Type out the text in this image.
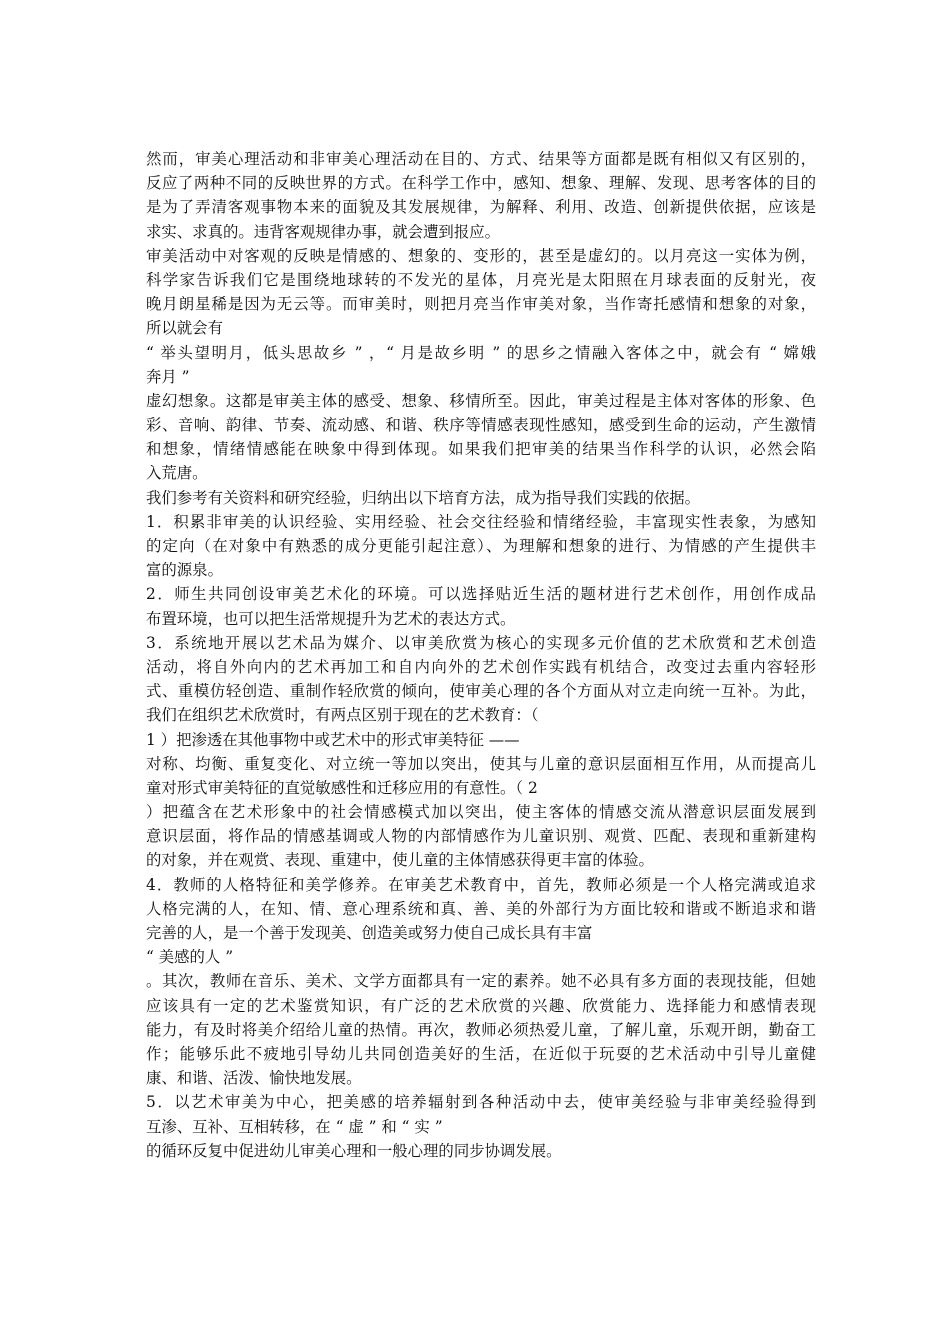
然而，审美心理活动和非审美心理活动在目的、方式、结果等方面都是既有相似又有区别的，
反应了两种不同的反映世界的方式。在科学工作中，感知、想象、理解、发现、思考客体的目的
是为了弄清客观事物本来的面貌及其发展规律，为解释、利用、改造、创新提供依据，应该是
求实、求真的。违背客观规律办事，就会遭到报应。
审美活动中对客观的反映是情感的、想象的、变形的，甚至是虚幻的。以月亮这一实体为例，
科学家告诉我们它是围绕地球转的不发光的星体，月亮光是太阳照在月球表面的反射光，夜
晚月朗星稀是因为无云等。而审美时，则把月亮当作审美对象，当作寄托感情和想象的对象，
所以就会有
“ 举头望明月，低头思故乡 ” ，“ 月是故乡明 ” 的思乡之情融入客体之中，就会有 “ 嫦娥
奔月 ”
虚幻想象。这都是审美主体的感受、想象、移情所至。因此，审美过程是主体对客体的形象、色
彩、音响、韵律、节奏、流动感、和谐、秩序等情感表现性感知，感受到生命的运动，产生激情
和想象，情绪情感能在映象中得到体现。如果我们把审美的结果当作科学的认识，必然会陷
入荒唐。
我们参考有关资料和研究经验，归纳出以下培育方法，成为指导我们实践的依据。
1．积累非审美的认识经验、实用经验、社会交往经验和情绪经验，丰富现实性表象，为感知
的定向（在对象中有熟悉的成分更能引起注意）、为理解和想象的进行、为情感的产生提供丰
富的源泉。
2．师生共同创设审美艺术化的环境。可以选择贴近生活的题材进行艺术创作，用创作成品
布置环境，也可以把生活常规提升为艺术的表达方式。
3．系统地开展以艺术品为媒介、以审美欣赏为核心的实现多元价值的艺术欣赏和艺术创造
活动，将自外向内的艺术再加工和自内向外的艺术创作实践有机结合，改变过去重内容轻形
式、重模仿轻创造、重制作轻欣赏的倾向，使审美心理的各个方面从对立走向统一互补。为此，
我们在组织艺术欣赏时，有两点区别于现在的艺术教育：（
1 ）把渗透在其他事物中或艺术中的形式审美特征 ——
对称、均衡、重复变化、对立统一等加以突出，使其与儿童的意识层面相互作用，从而提高儿
童对形式审美特征的直觉敏感性和迁移应用的有意性。（ 2
）把蕴含在艺术形象中的社会情感模式加以突出，使主客体的情感交流从潜意识层面发展到
意识层面，将作品的情感基调或人物的内部情感作为儿童识别、观赏、匹配、表现和重新建构
的对象，并在观赏、表现、重建中，使儿童的主体情感获得更丰富的体验。
4．教师的人格特征和美学修养。在审美艺术教育中，首先，教师必须是一个人格完满或追求
人格完满的人，在知、情、意心理系统和真、善、美的外部行为方面比较和谐或不断追求和谐
完善的人，是一个善于发现美、创造美或努力使自己成长具有丰富
“ 美感的人 ”
。其次，教师在音乐、美术、文学方面都具有一定的素养。她不必具有多方面的表现技能，但她
应该具有一定的艺术鉴赏知识，有广泛的艺术欣赏的兴趣、欣赏能力、选择能力和感情表现
能力，有及时将美介绍给儿童的热情。再次，教师必须热爱儿童，了解儿童，乐观开朗，勤奋工
作；能够乐此不疲地引导幼儿共同创造美好的生活，在近似于玩耍的艺术活动中引导儿童健
康、和谐、活泼、愉快地发展。
5．以艺术审美为中心，把美感的培养辐射到各种活动中去，使审美经验与非审美经验得到
互渗、互补、互相转移，在 “ 虚 ” 和 “ 实 ”
的循环反复中促进幼儿审美心理和一般心理的同步协调发展。
